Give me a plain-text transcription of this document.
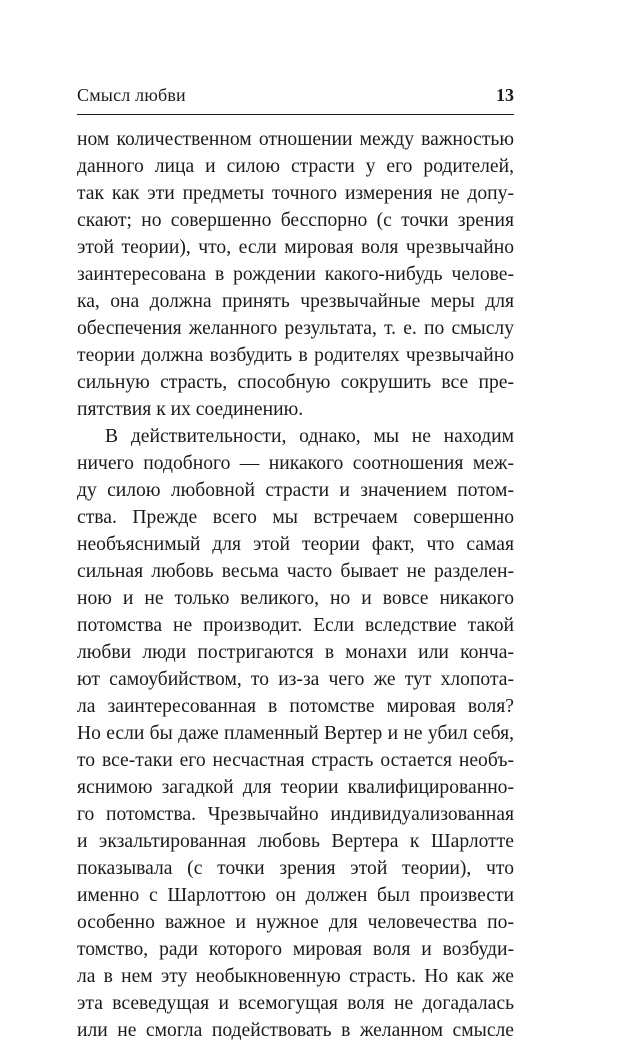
Смысл любви	13
ном количественном отношении между важностью
данного лица и силою страсти у его родителей,
так как эти предметы точного измерения не допу-
скают; но совершенно бесспорно (с точки зрения
этой теории), что, если мировая воля чрезвычайно
заинтересована в рождении какого-нибудь челове-
ка, она должна принять чрезвычайные меры для
обеспечения желанного результата, т. е. по смыслу
теории должна возбудить в родителях чрезвычайно
сильную страсть, способную сокрушить все пре-
пятствия к их соединению.
В действительности, однако, мы не находим
ничего подобного — никакого соотношения меж-
ду силою любовной страсти и значением потом-
ства. Прежде всего мы встречаем совершенно
необъяснимый для этой теории факт, что самая
сильная любовь весьма часто бывает не разделен-
ною и не только великого, но и вовсе никакого
потомства не производит. Если вследствие такой
любви люди постригаются в монахи или конча-
ют самоубийством, то из-за чего же тут хлопота-
ла заинтересованная в потомстве мировая воля?
Но если бы даже пламенный Вертер и не убил себя,
то все-таки его несчастная страсть остается необъ-
яснимою загадкой для теории квалифицированно-
го потомства. Чрезвычайно индивидуализованная
и экзальтированная любовь Вертера к Шарлотте
показывала (с точки зрения этой теории), что
именно с Шарлоттою он должен был произвести
особенно важное и нужное для человечества по-
томство, ради которого мировая воля и возбуди-
ла в нем эту необыкновенную страсть. Но как же
эта всеведущая и всемогущая воля не догадалась
или не смогла подействовать в желанном смысле
